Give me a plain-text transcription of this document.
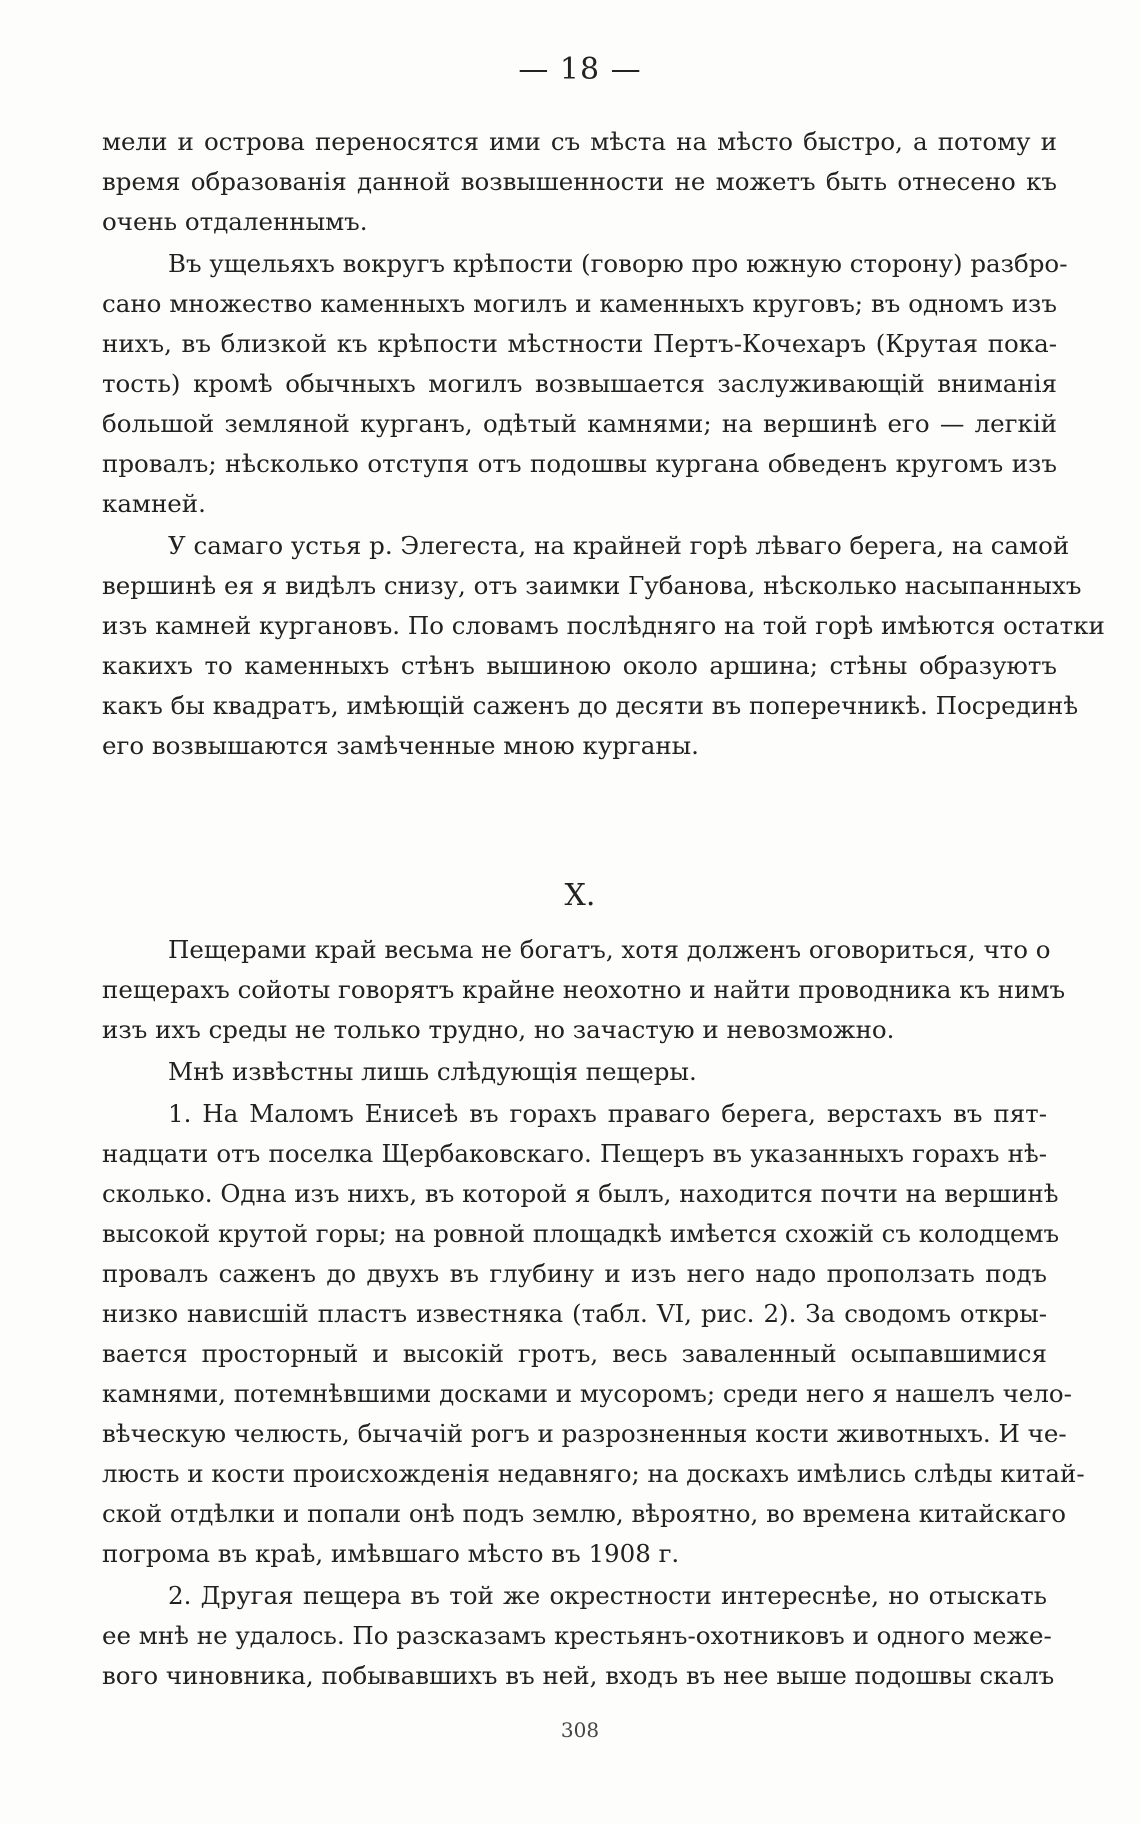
— 18 —
мели и острова переносятся ими съ мѣста на мѣсто быстро, а потому и
время образованія данной возвышенности не можетъ быть отнесено къ
очень отдаленнымъ.
Въ ущельяхъ вокругъ крѣпости (говорю про южную сторону) разбро-
сано множество каменныхъ могилъ и каменныхъ круговъ; въ одномъ изъ
нихъ, въ близкой къ крѣпости мѣстности Пертъ-Кочехаръ (Крутая пока-
тость) кромѣ обычныхъ могилъ возвышается заслуживающій вниманія
большой земляной курганъ, одѣтый камнями; на вершинѣ его — легкій
провалъ; нѣсколько отступя отъ подошвы кургана обведенъ кругомъ изъ
камней.
У самаго устья р. Элегеста, на крайней горѣ лѣваго берега, на самой
вершинѣ ея я видѣлъ снизу, отъ заимки Губанова, нѣсколько насыпанныхъ
изъ камней кургановъ. По словамъ послѣдняго на той горѣ имѣются остатки
какихъ то каменныхъ стѣнъ вышиною около аршина; стѣны образуютъ
какъ бы квадратъ, имѣющій саженъ до десяти въ поперечникѣ. Посрединѣ
его возвышаются замѣченные мною курганы.
X.
Пещерами край весьма не богатъ, хотя долженъ оговориться, что о
пещерахъ сойоты говорятъ крайне неохотно и найти проводника къ нимъ
изъ ихъ среды не только трудно, но зачастую и невозможно.
Мнѣ извѣстны лишь слѣдующія пещеры.
1. На Маломъ Енисеѣ въ горахъ праваго берега, верстахъ въ пят-
надцати отъ поселка Щербаковскаго. Пещеръ въ указанныхъ горахъ нѣ-
сколько. Одна изъ нихъ, въ которой я былъ, находится почти на вершинѣ
высокой крутой горы; на ровной площадкѣ имѣется схожій съ колодцемъ
провалъ саженъ до двухъ въ глубину и изъ него надо проползать подъ
низко нависшій пластъ известняка (табл. VI, рис. 2). За сводомъ откры-
вается просторный и высокій гротъ, весь заваленный осыпавшимися
камнями, потемнѣвшими досками и мусоромъ; среди него я нашелъ чело-
вѣческую челюсть, бычачій рогъ и разрозненныя кости животныхъ. И че-
люсть и кости происхожденія недавняго; на доскахъ имѣлись слѣды китай-
ской отдѣлки и попали онѣ подъ землю, вѣроятно, во времена китайскаго
погрома въ краѣ, имѣвшаго мѣсто въ 1908 г.
2. Другая пещера въ той же окрестности интереснѣе, но отыскать
ее мнѣ не удалось. По разсказамъ крестьянъ-охотниковъ и одного меже-
вого чиновника, побывавшихъ въ ней, входъ въ нее выше подошвы скалъ
308
